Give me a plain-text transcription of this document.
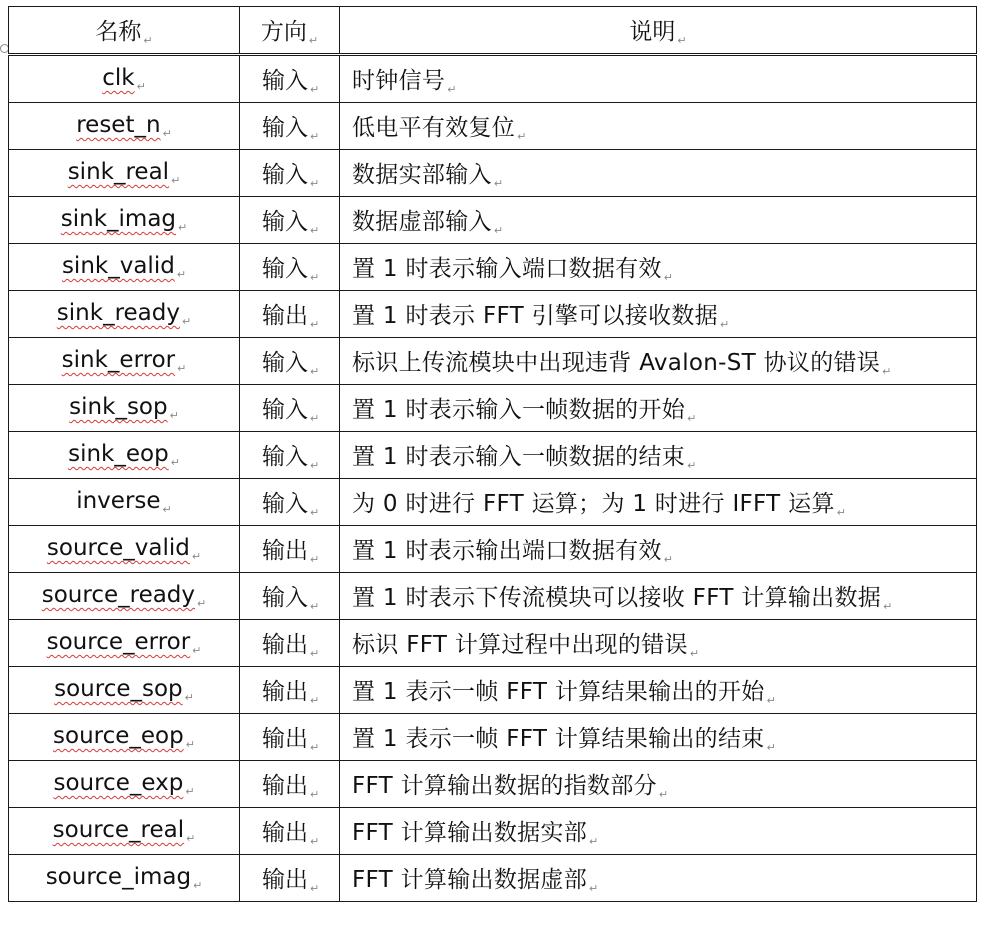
名称 $_↵$	方向 $_↵$	说明 $_↵$
clk $_↵$	输入 $_↵$	时钟信号 $_↵$
reset_n $_↵$	输入 $_↵$	低电平有效复位 $_↵$
sink_real $_↵$	输入 $_↵$	数据实部输入 $_↵$
sink_imag $_↵$	输入 $_↵$	数据虚部输入 $_↵$
sink_valid $_↵$	输入 $_↵$	置 1 时表示输入端口数据有效 $_↵$
sink_ready $_↵$	输出 $_↵$	置 1 时表示 FFT 引擎可以接收数据 $_↵$
sink_error $_↵$	输入 $_↵$	标识上传流模块中出现违背 Avalon-ST 协议的错误 $_↵$
sink_sop $_↵$	输入 $_↵$	置 1 时表示输入一帧数据的开始 $_↵$
sink_eop $_↵$	输入 $_↵$	置 1 时表示输入一帧数据的结束 $_↵$
inverse $_↵$	输入 $_↵$	为 0 时进行 FFT 运算；为 1 时进行 IFFT 运算 $_↵$
source_valid $_↵$	输出 $_↵$	置 1 时表示输出端口数据有效 $_↵$
source_ready $_↵$	输入 $_↵$	置 1 时表示下传流模块可以接收 FFT 计算输出数据 $_↵$
source_error $_↵$	输出 $_↵$	标识 FFT 计算过程中出现的错误 $_↵$
source_sop $_↵$	输出 $_↵$	置 1 表示一帧 FFT 计算结果输出的开始 $_↵$
source_eop $_↵$	输出 $_↵$	置 1 表示一帧 FFT 计算结果输出的结束 $_↵$
source_exp $_↵$	输出 $_↵$	FFT 计算输出数据的指数部分 $_↵$
source_real $_↵$	输出 $_↵$	FFT 计算输出数据实部 $_↵$
source_imag $_↵$	输出 $_↵$	FFT 计算输出数据虚部 $_↵$
